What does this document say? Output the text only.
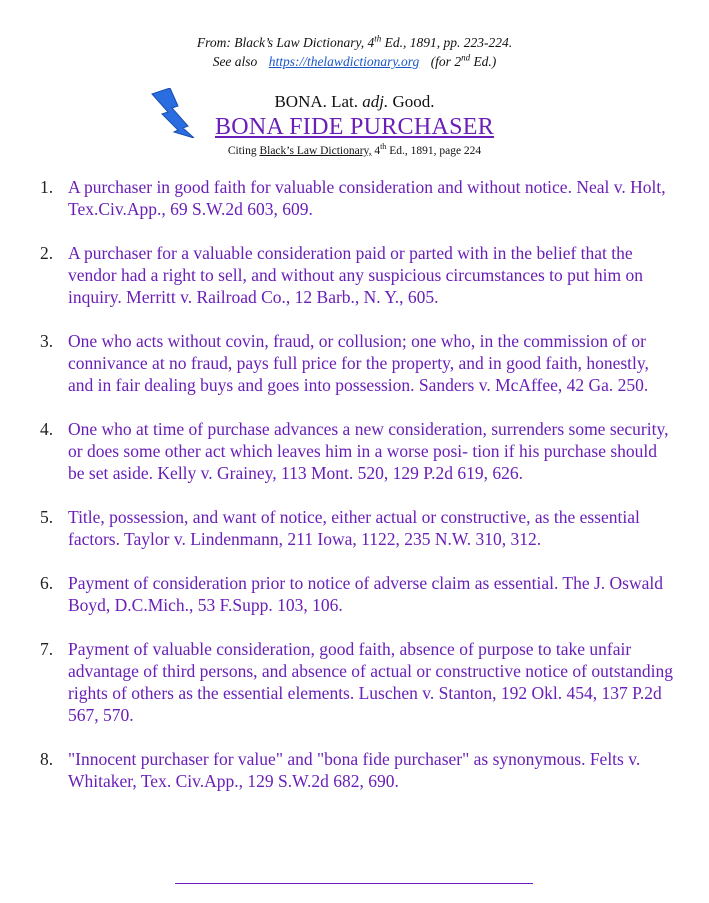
From: Black’s Law Dictionary, 4th Ed., 1891, pp. 223-224.
See also https://thelawdictionary.org (for 2nd Ed.)
BONA. Lat. adj. Good.
BONA FIDE PURCHASER
Citing Black’s Law Dictionary, 4th Ed., 1891, page 224
1. A purchaser in good faith for valuable consideration and without notice. Neal v. Holt, Tex.Civ.App., 69 S.W.2d 603, 609.
2. A purchaser for a valuable consideration paid or parted with in the belief that the vendor had a right to sell, and without any suspicious circumstances to put him on inquiry. Merritt v. Railroad Co., 12 Barb., N. Y., 605.
3. One who acts without covin, fraud, or collusion; one who, in the commission of or connivance at no fraud, pays full price for the property, and in good faith, honestly, and in fair dealing buys and goes into possession. Sanders v. McAffee, 42 Ga. 250.
4. One who at time of purchase advances a new consideration, surrenders some security, or does some other act which leaves him in a worse posi- tion if his purchase should be set aside. Kelly v. Grainey, 113 Mont. 520, 129 P.2d 619, 626.
5. Title, possession, and want of notice, either actual or constructive, as the essential factors. Taylor v. Lindenmann, 211 Iowa, 1122, 235 N.W. 310, 312.
6. Payment of consideration prior to notice of adverse claim as essential. The J. Oswald Boyd, D.C.Mich., 53 F.Supp. 103, 106.
7. Payment of valuable consideration, good faith, absence of purpose to take unfair advantage of third persons, and absence of actual or constructive notice of outstanding rights of others as the essential elements. Luschen v. Stanton, 192 Okl. 454, 137 P.2d 567, 570.
8. "Innocent purchaser for value" and "bona fide purchaser" as synonymous. Felts v. Whitaker, Tex. Civ.App., 129 S.W.2d 682, 690.
